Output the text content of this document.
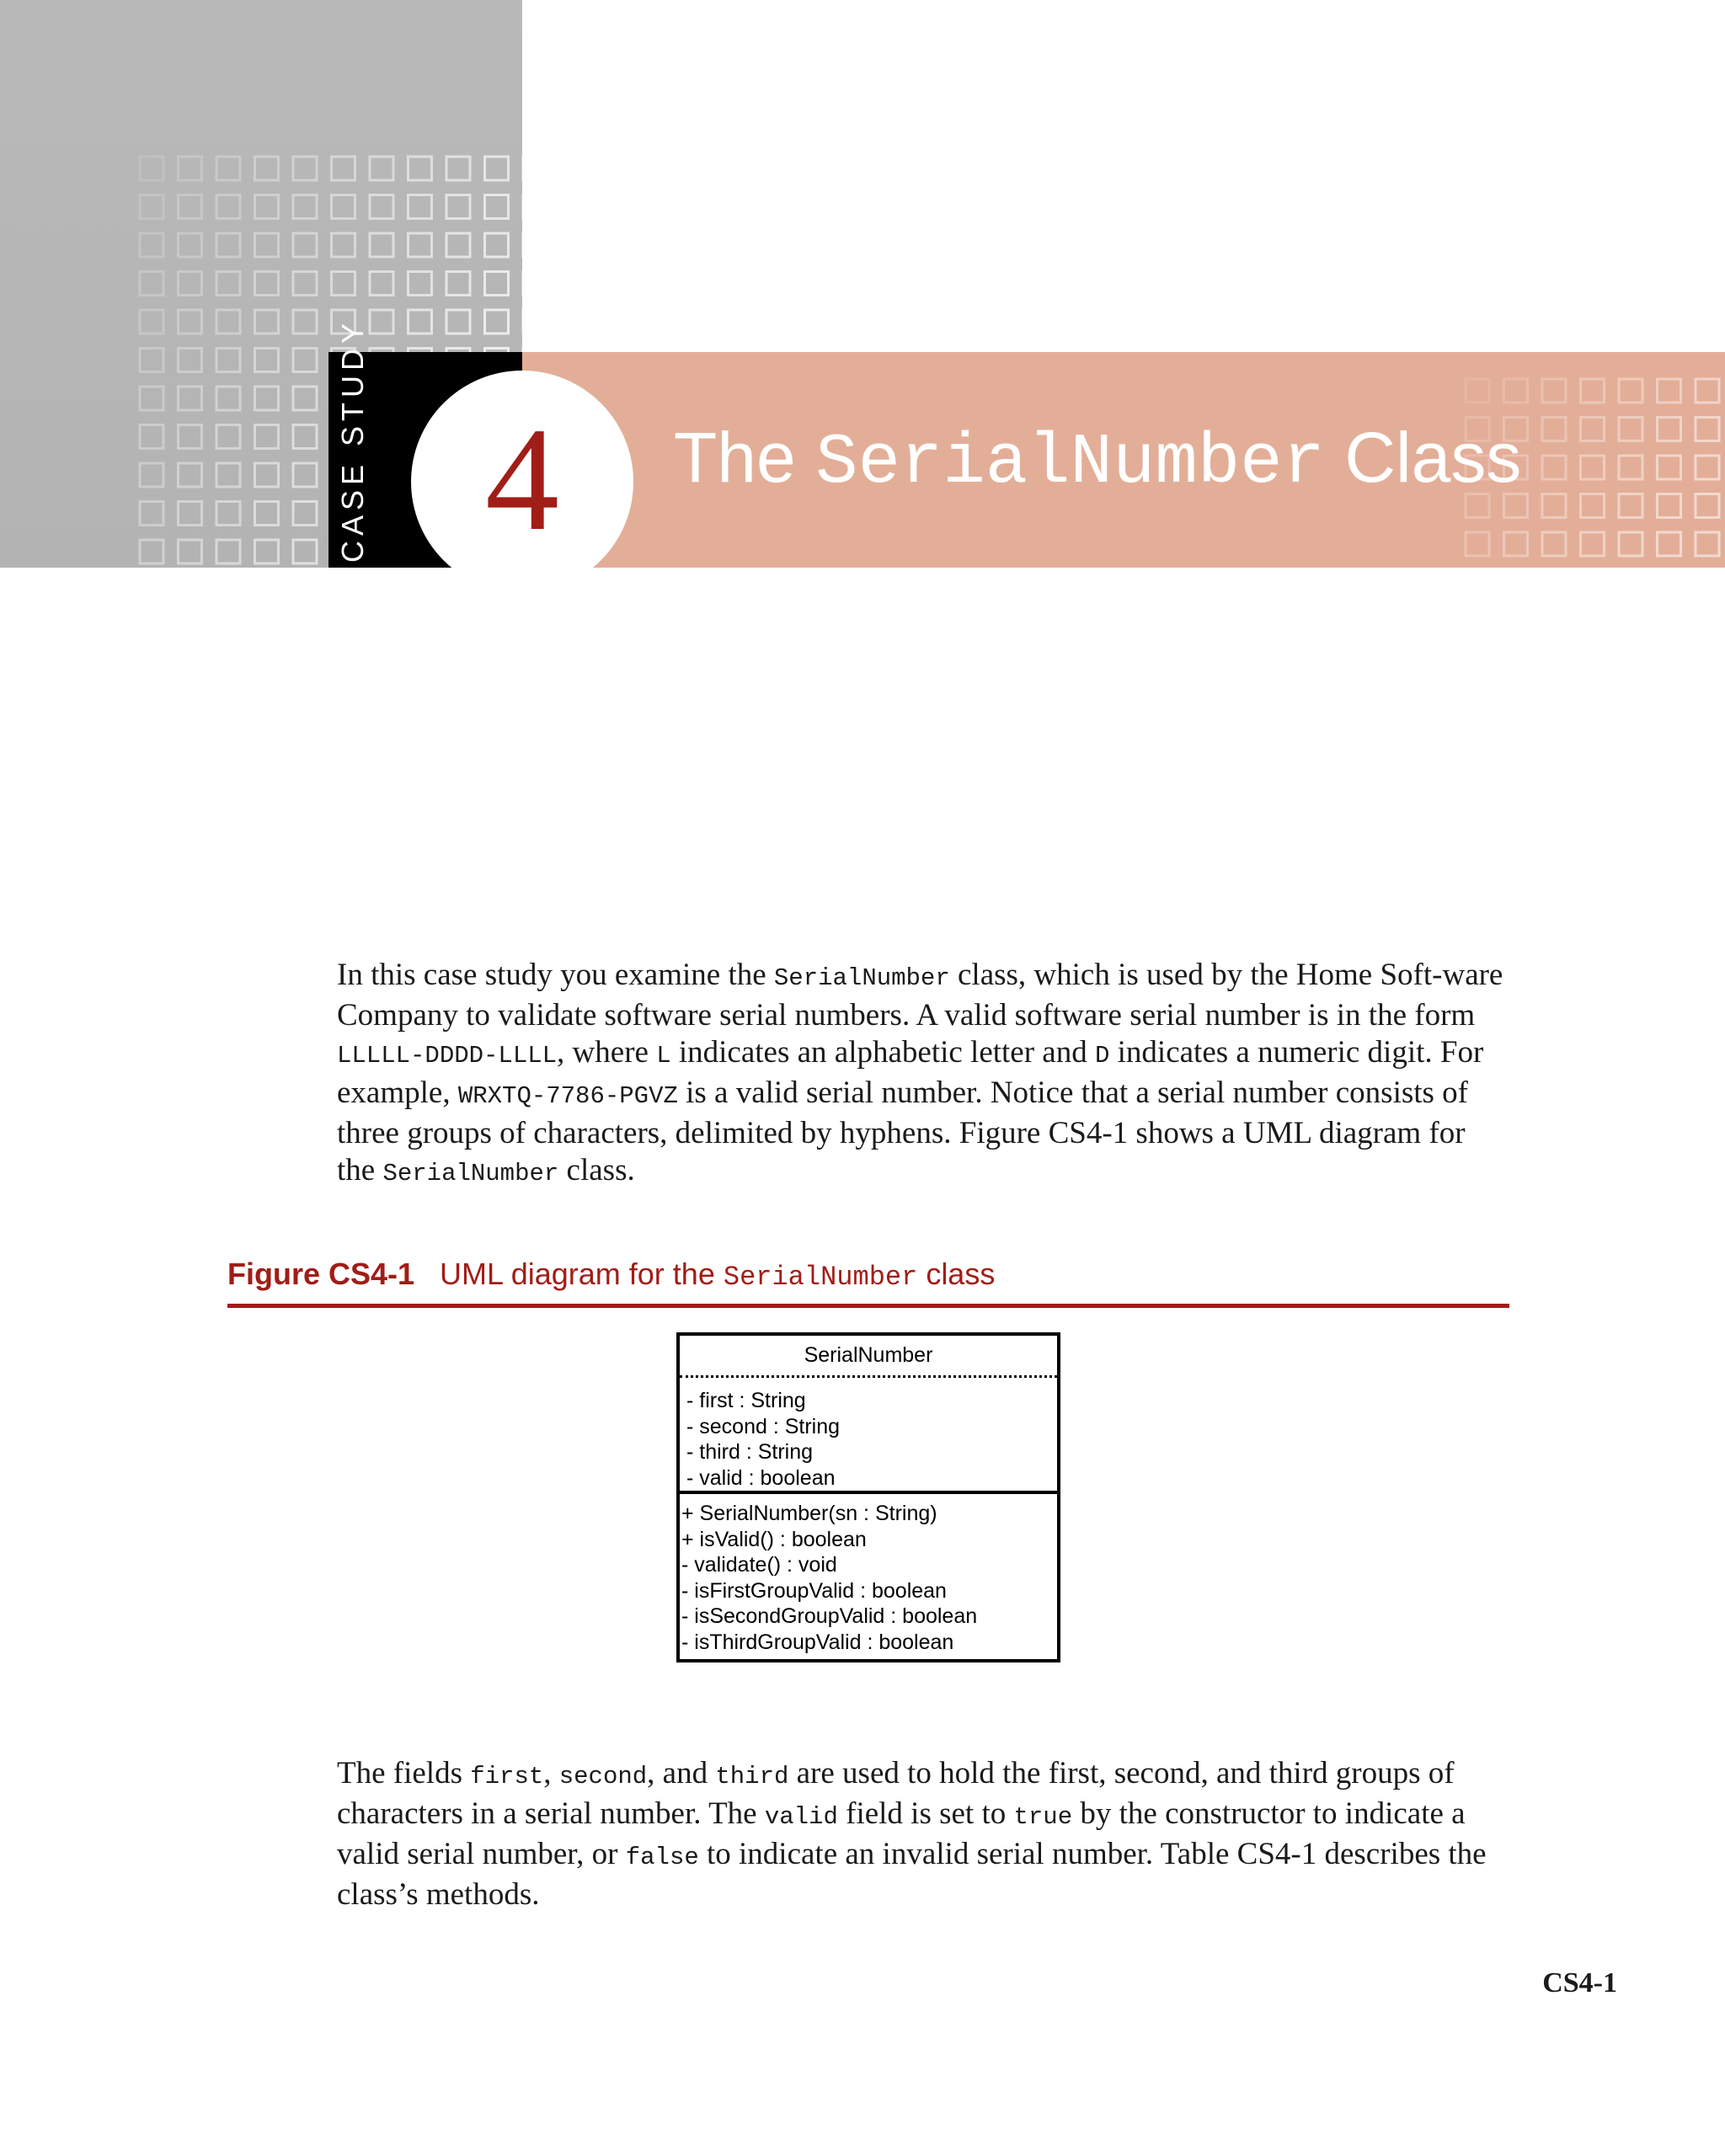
CASE STUDY 4	The SerialNumber Class

In this case study you examine the SerialNumber class, which is used by the Home Soft-ware Company to validate software serial numbers. A valid software serial number is in the form LLLLL-DDDD-LLLL, where L indicates an alphabetic letter and D indicates a numeric digit. For example, WRXTQ-7786-PGVZ is a valid serial number. Notice that a serial number consists of three groups of characters, delimited by hyphens. Figure CS4-1 shows a UML diagram for the SerialNumber class.

Figure CS4-1 UML diagram for the SerialNumber class
SerialNumber
- first : String
- second : String
- third : String
- valid : boolean
+ SerialNumber(sn : String)
+ isValid() : boolean
- validate() : void
- isFirstGroupValid : boolean
- isSecondGroupValid : boolean
- isThirdGroupValid : boolean

The fields first, second, and third are used to hold the first, second, and third groups of characters in a serial number. The valid field is set to true by the constructor to indicate a valid serial number, or false to indicate an invalid serial number. Table CS4-1 describes the class’s methods.

CS4-1
